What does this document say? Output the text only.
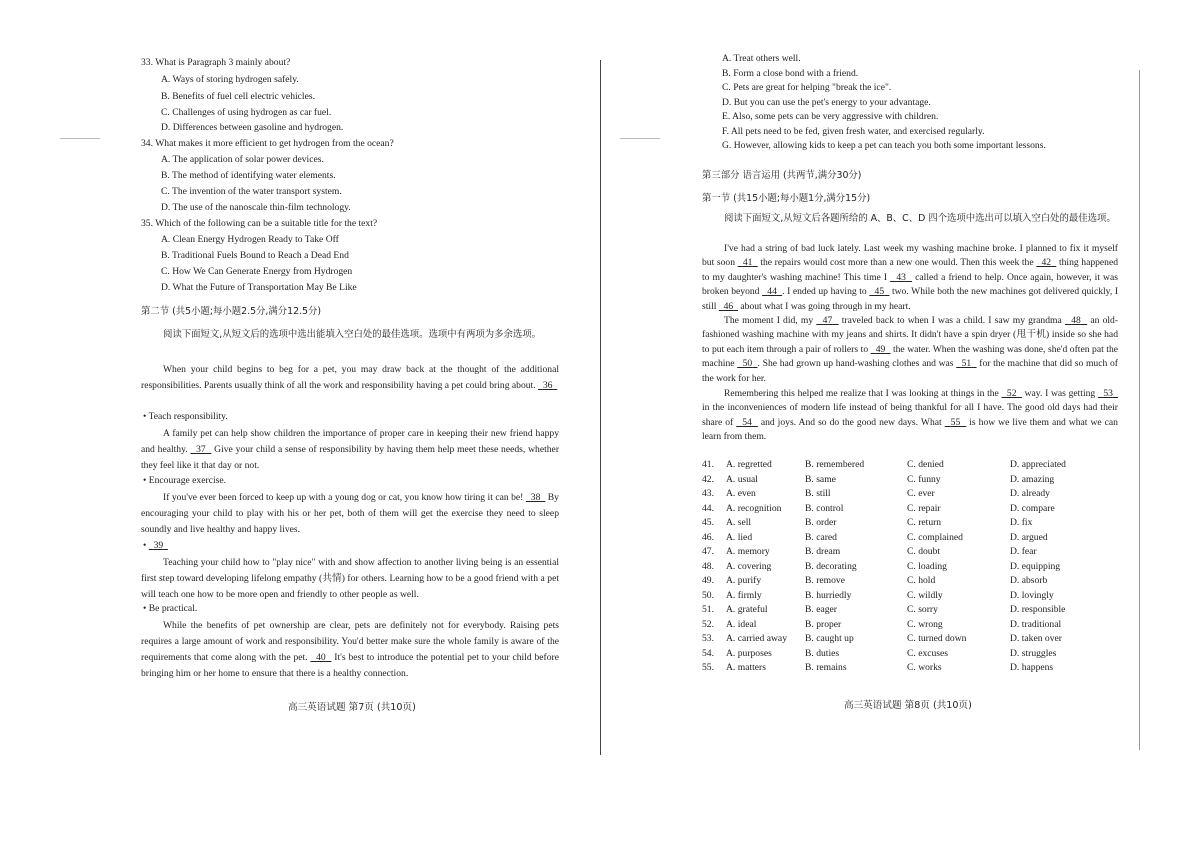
33. What is Paragraph 3 mainly about?
A. Ways of storing hydrogen safely.
B. Benefits of fuel cell electric vehicles.
C. Challenges of using hydrogen as car fuel.
D. Differences between gasoline and hydrogen.
34. What makes it more efficient to get hydrogen from the ocean?
A. The application of solar power devices.
B. The method of identifying water elements.
C. The invention of the water transport system.
D. The use of the nanoscale thin-film technology.
35. Which of the following can be a suitable title for the text?
A. Clean Energy Hydrogen Ready to Take Off
B. Traditional Fuels Bound to Reach a Dead End
C. How We Can Generate Energy from Hydrogen
D. What the Future of Transportation May Be Like
第二节 (共5小题;每小题2.5分,满分12.5分)
阅读下面短文,从短文后的选项中选出能填入空白处的最佳选项。选项中有两项为多余选项。
When your child begins to beg for a pet, you may draw back at the thought of the additional responsibilities. Parents usually think of all the work and responsibility having a pet could bring about. 36
• Teach responsibility.
A family pet can help show children the importance of proper care in keeping their new friend happy and healthy. 37 Give your child a sense of responsibility by having them help meet these needs, whether they feel like it that day or not.
• Encourage exercise.
If you've ever been forced to keep up with a young dog or cat, you know how tiring it can be! 38 By encouraging your child to play with his or her pet, both of them will get the exercise they need to sleep soundly and live healthy and happy lives.
• 39
Teaching your child how to "play nice" with and show affection to another living being is an essential first step toward developing lifelong empathy (共情) for others. Learning how to be a good friend with a pet will teach one how to be more open and friendly to other people as well.
• Be practical.
While the benefits of pet ownership are clear, pets are definitely not for everybody. Raising pets requires a large amount of work and responsibility. You'd better make sure the whole family is aware of the requirements that come along with the pet. 40 It's best to introduce the potential pet to your child before bringing him or her home to ensure that there is a healthy connection.
高三英语试题 第7页 (共10页)
A. Treat others well.
B. Form a close bond with a friend.
C. Pets are great for helping "break the ice".
D. But you can use the pet's energy to your advantage.
E. Also, some pets can be very aggressive with children.
F. All pets need to be fed, given fresh water, and exercised regularly.
G. However, allowing kids to keep a pet can teach you both some important lessons.
第三部分 语言运用 (共两节,满分30分)
第一节 (共15小题;每小题1分,满分15分)
阅读下面短文,从短文后各题所给的 A、B、C、D 四个选项中选出可以填入空白处的最佳选项。
I've had a string of bad luck lately. Last week my washing machine broke. I planned to fix it myself but soon 41 the repairs would cost more than a new one would. Then this week the 42 thing happened to my daughter's washing machine! This time I 43 called a friend to help. Once again, however, it was broken beyond 44 . I ended up having to 45 two. While both the new machines got delivered quickly, I still 46 about what I was going through in my heart.
The moment I did, my 47 traveled back to when I was a child. I saw my grandma 48 an old-fashioned washing machine with my jeans and shirts. It didn't have a spin dryer (甩干机) inside so she had to put each item through a pair of rollers to 49 the water. When the washing was done, she'd often pat the machine 50 . She had grown up hand-washing clothes and was 51 for the machine that did so much of the work for her.
Remembering this helped me realize that I was looking at things in the 52 way. I was getting 53   in the inconveniences of modern life instead of being thankful for all I have. The good old days had their share of 54 and joys. And so do the good new days. What 55 is how we live them and what we can learn from them.
41.	A. regretted	B. remembered	C. denied	D. appreciated
42.	A. usual	B. same	C. funny	D. amazing
43.	A. even	B. still	C. ever	D. already
44.	A. recognition	B. control	C. repair	D. compare
45.	A. sell	B. order	C. return	D. fix
46.	A. lied	B. cared	C. complained	D. argued
47.	A. memory	B. dream	C. doubt	D. fear
48.	A. covering	B. decorating	C. loading	D. equipping
49.	A. purify	B. remove	C. hold	D. absorb
50.	A. firmly	B. hurriedly	C. wildly	D. lovingly
51.	A. grateful	B. eager	C. sorry	D. responsible
52.	A. ideal	B. proper	C. wrong	D. traditional
53.	A. carried away	B. caught up	C. turned down	D. taken over
54.	A. purposes	B. duties	C. excuses	D. struggles
55.	A. matters	B. remains	C. works	D. happens
高三英语试题 第8页 (共10页)
